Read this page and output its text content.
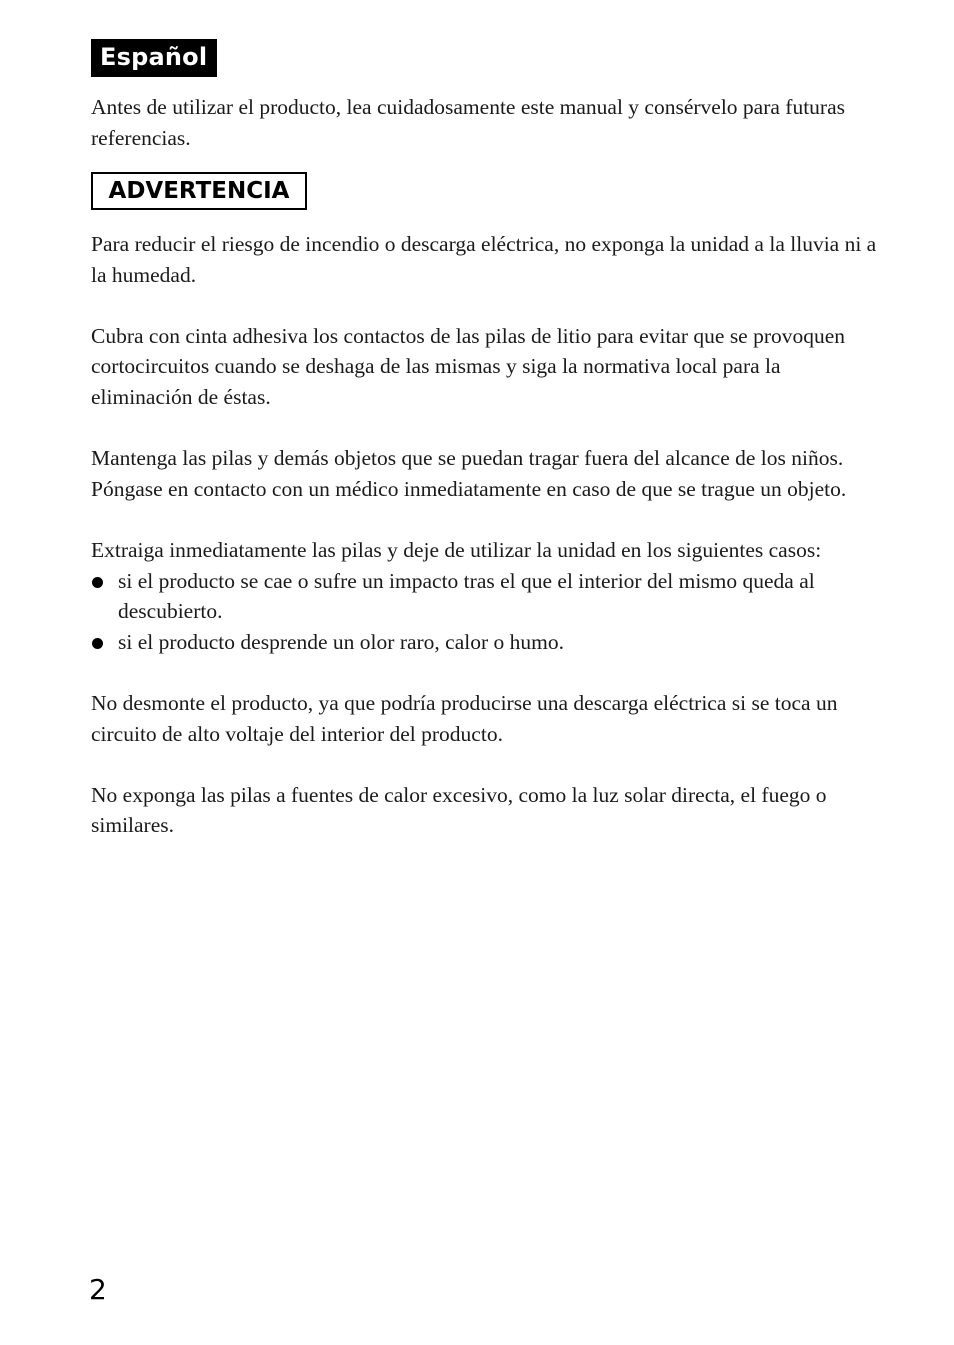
Español

Antes de utilizar el producto, lea cuidadosamente este manual y consérvelo para futuras referencias.

ADVERTENCIA

Para reducir el riesgo de incendio o descarga eléctrica, no exponga la unidad a la lluvia ni a la humedad.

Cubra con cinta adhesiva los contactos de las pilas de litio para evitar que se provoquen cortocircuitos cuando se deshaga de las mismas y siga la normativa local para la eliminación de éstas.

Mantenga las pilas y demás objetos que se puedan tragar fuera del alcance de los niños. Póngase en contacto con un médico inmediatamente en caso de que se trague un objeto.

Extraiga inmediatamente las pilas y deje de utilizar la unidad en los siguientes casos:

si el producto se cae o sufre un impacto tras el que el interior del mismo queda al descubierto.
si el producto desprende un olor raro, calor o humo.

No desmonte el producto, ya que podría producirse una descarga eléctrica si se toca un circuito de alto voltaje del interior del producto.

No exponga las pilas a fuentes de calor excesivo, como la luz solar directa, el fuego o similares.

2
